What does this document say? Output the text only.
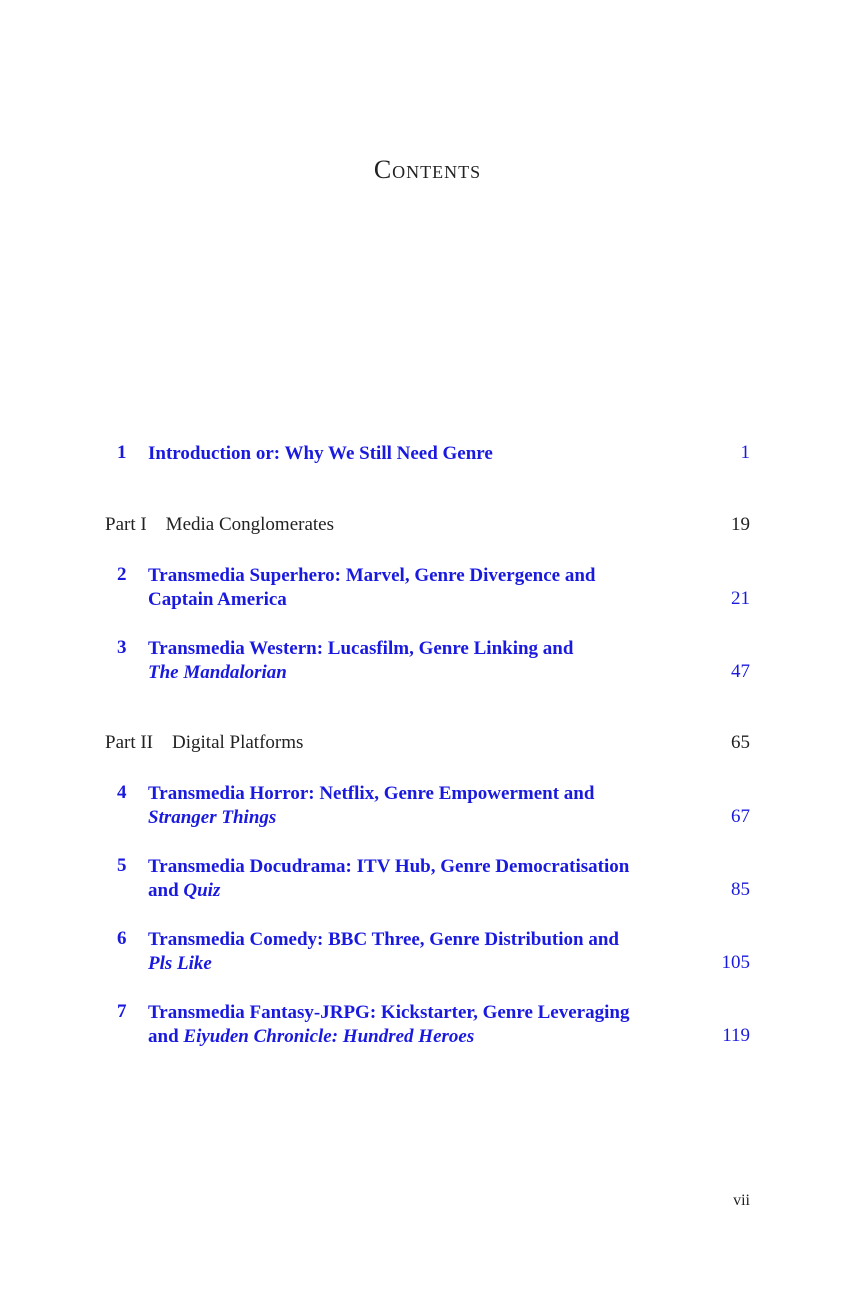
Contents
1 Introduction or: Why We Still Need Genre	1
Part I Media Conglomerates	19
2 Transmedia Superhero: Marvel, Genre Divergence and
Captain America	21
3 Transmedia Western: Lucasfilm, Genre Linking and
The Mandalorian	47
Part II Digital Platforms	65
4 Transmedia Horror: Netflix, Genre Empowerment and
Stranger Things	67
5 Transmedia Docudrama: ITV Hub, Genre Democratisation
and Quiz	85
6 Transmedia Comedy: BBC Three, Genre Distribution and
Pls Like	105
7 Transmedia Fantasy-JRPG: Kickstarter, Genre Leveraging
and Eiyuden Chronicle: Hundred Heroes	119
vii
